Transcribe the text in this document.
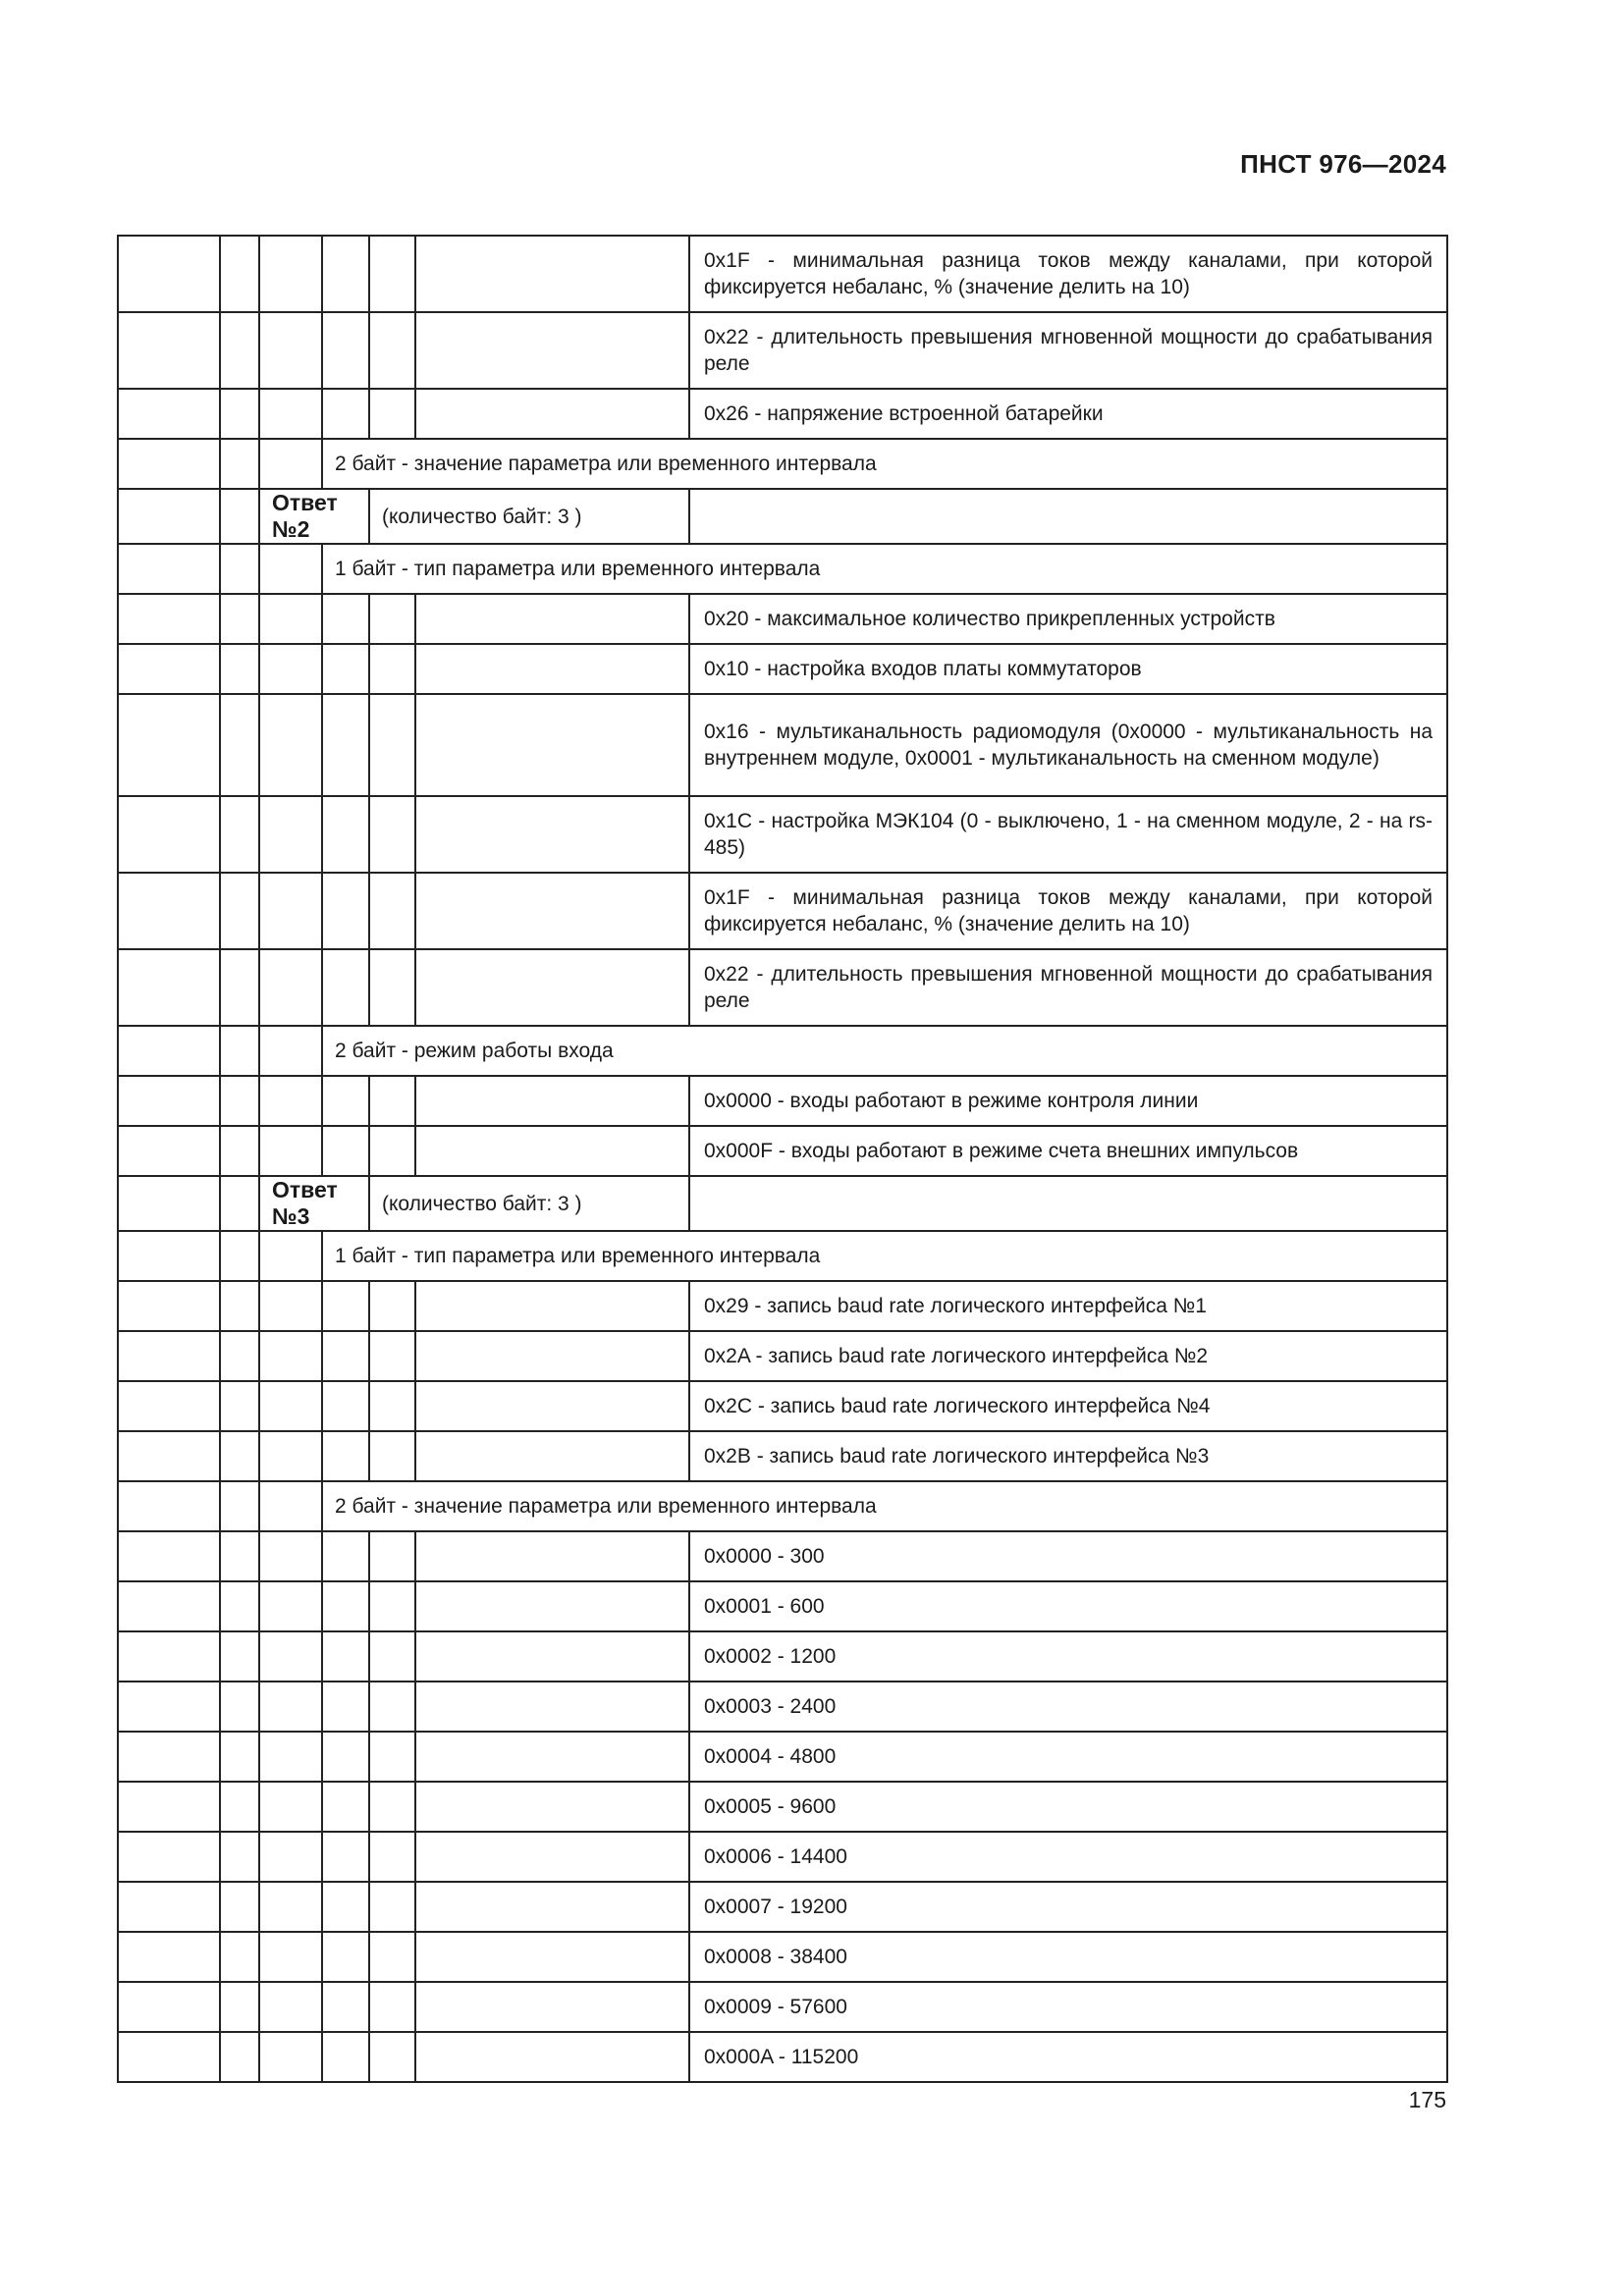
ПНСТ 976—2024
						0x1F - минимальная разница токов между каналами, при которой фиксируется небаланс, % (значение делить на 10)
						0x22 - длительность превышения мгновенной мощности до срабатывания реле
						0x26 - напряжение встроенной батарейки
			2 байт - значение параметра или временного интервала			
		Ответ №2		(количество байт: 3 )		
			1 байт - тип параметра или временного интервала			
						0x20 - максимальное количество прикрепленных устройств
						0x10 - настройка входов платы коммутаторов
						0x16 - мультиканальность радиомодуля (0x0000 - мультиканальность на внутреннем модуле, 0x0001 - мультиканальность на сменном модуле)
						0x1C - настройка МЭК104 (0 - выключено, 1 - на сменном модуле, 2 - на rs-485)
						0x1F - минимальная разница токов между каналами, при которой фиксируется небаланс, % (значение делить на 10)
						0x22 - длительность превышения мгновенной мощности до срабатывания реле
			2 байт - режим работы входа			
						0x0000 - входы работают в режиме контроля линии
						0x000F - входы работают в режиме счета внешних импульсов
		Ответ №3		(количество байт: 3 )		
			1 байт - тип параметра или временного интервала			
						0x29 - запись baud rate логического интерфейса №1
						0x2A - запись baud rate логического интерфейса №2
						0x2C - запись baud rate логического интерфейса №4
						0x2B - запись baud rate логического интерфейса №3
			2 байт - значение параметра или временного интервала			
						0x0000 - 300
						0x0001 - 600
						0x0002 - 1200
						0x0003 - 2400
						0x0004 - 4800
						0x0005 - 9600
						0x0006 - 14400
						0x0007 - 19200
						0x0008 - 38400
						0x0009 - 57600
						0x000A - 115200
175
